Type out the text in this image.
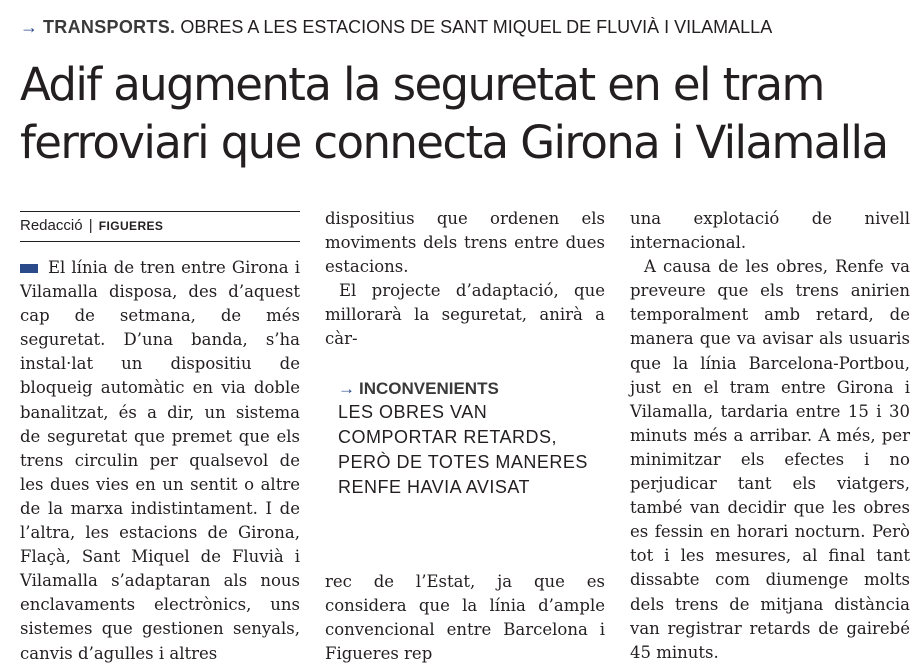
→ TRANSPORTS. OBRES A LES ESTACIONS DE SANT MIQUEL DE FLUVIÀ I VILAMALLA
Adif augmenta la seguretat en el tram ferroviari que connecta Girona i Vilamalla
Redacció | FIGUERES

El línia de tren entre Girona i Vilamalla disposa, des d’aquest cap de setmana, de més seguretat. D’una banda, s’ha instal·lat un dispositiu de bloqueig automàtic en via doble banalitzat, és a dir, un sistema de seguretat que premet que els trens circulin per qualsevol de les dues vies en un sentit o altre de la marxa indistintament. I de l’altra, les estacions de Girona, Flaçà, Sant Miquel de Fluvià i Vilamalla s’adaptaran als nous enclavaments electrònics, uns sistemes que gestionen senyals, canvis d’agulles i altres

dispositius que ordenen els moviments dels trens entre dues estacions.

El projecte d’adaptació, que millorarà la seguretat, anirà a càr-

→ INCONVENIENTS
LES OBRES VAN COMPORTAR RETARDS, PERÒ DE TOTES MANERES RENFE HAVIA AVISAT

rec de l’Estat, ja que es considera que la línia d’ample convencional entre Barcelona i Figueres rep

una explotació de nivell internacional.

A causa de les obres, Renfe va preveure que els trens anirien temporalment amb retard, de manera que va avisar als usuaris que la línia Barcelona-Portbou, just en el tram entre Girona i Vilamalla, tardaria entre 15 i 30 minuts més a arribar. A més, per minimitzar els efectes i no perjudicar tant els viatgers, també van decidir que les obres es fessin en horari nocturn. Però tot i les mesures, al final tant dissabte com diumenge molts dels trens de mitjana distància van registrar retards de gairebé 45 minuts.
